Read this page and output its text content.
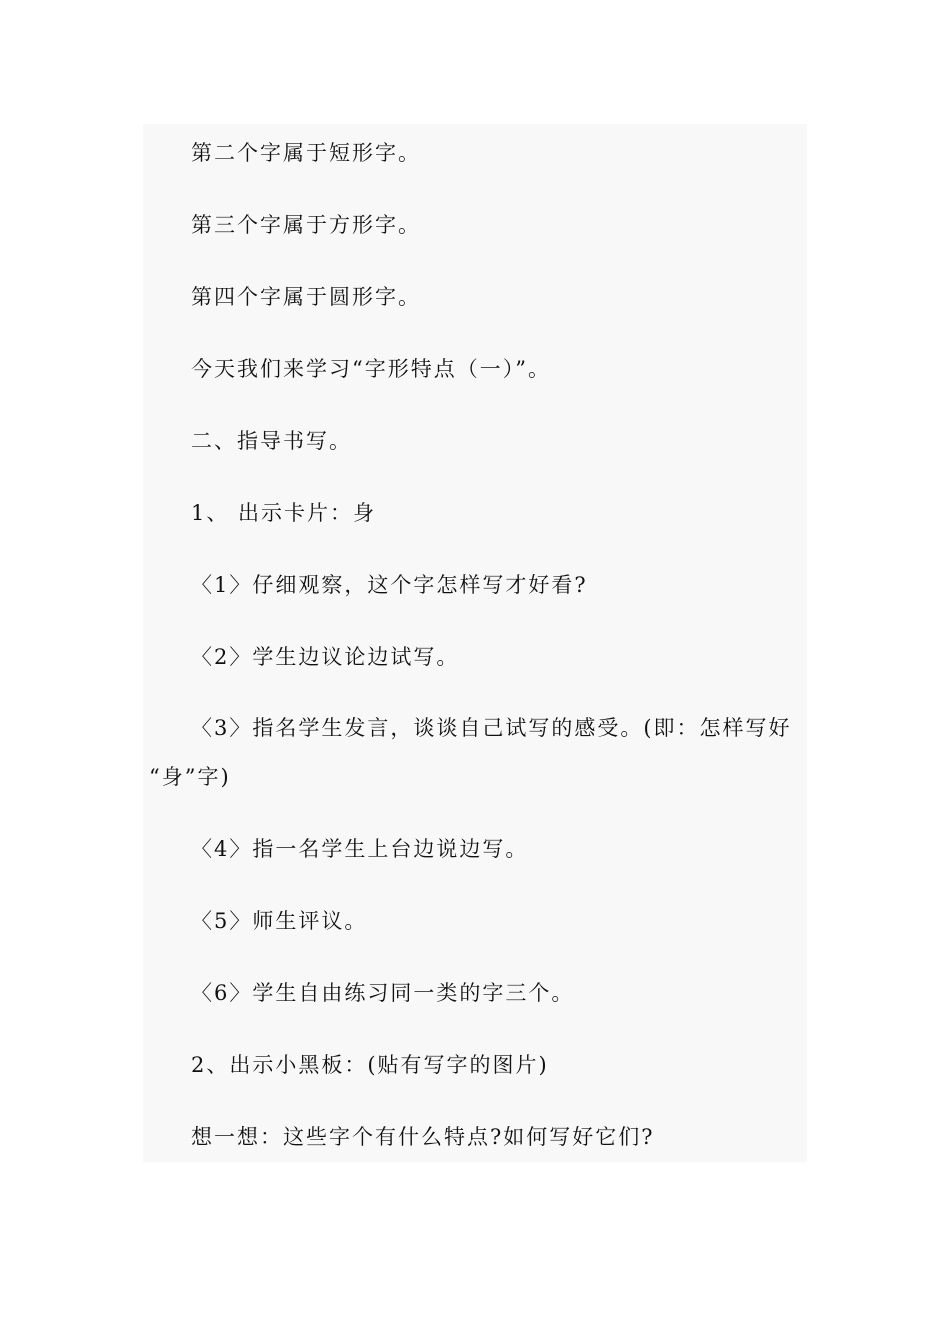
第二个字属于短形字。

第三个字属于方形字。

第四个字属于圆形字。

今天我们来学习“字形特点（一）”。

二、指导书写。

1、 出示卡片：身

〈1〉仔细观察，这个字怎样写才好看?

〈2〉学生边议论边试写。

〈3〉指名学生发言，谈谈自己试写的感受。(即：怎样写好
“身”字)

〈4〉指一名学生上台边说边写。

〈5〉师生评议。

〈6〉学生自由练习同一类的字三个。

2、出示小黑板：(贴有写字的图片)

想一想：这些字个有什么特点?如何写好它们?
